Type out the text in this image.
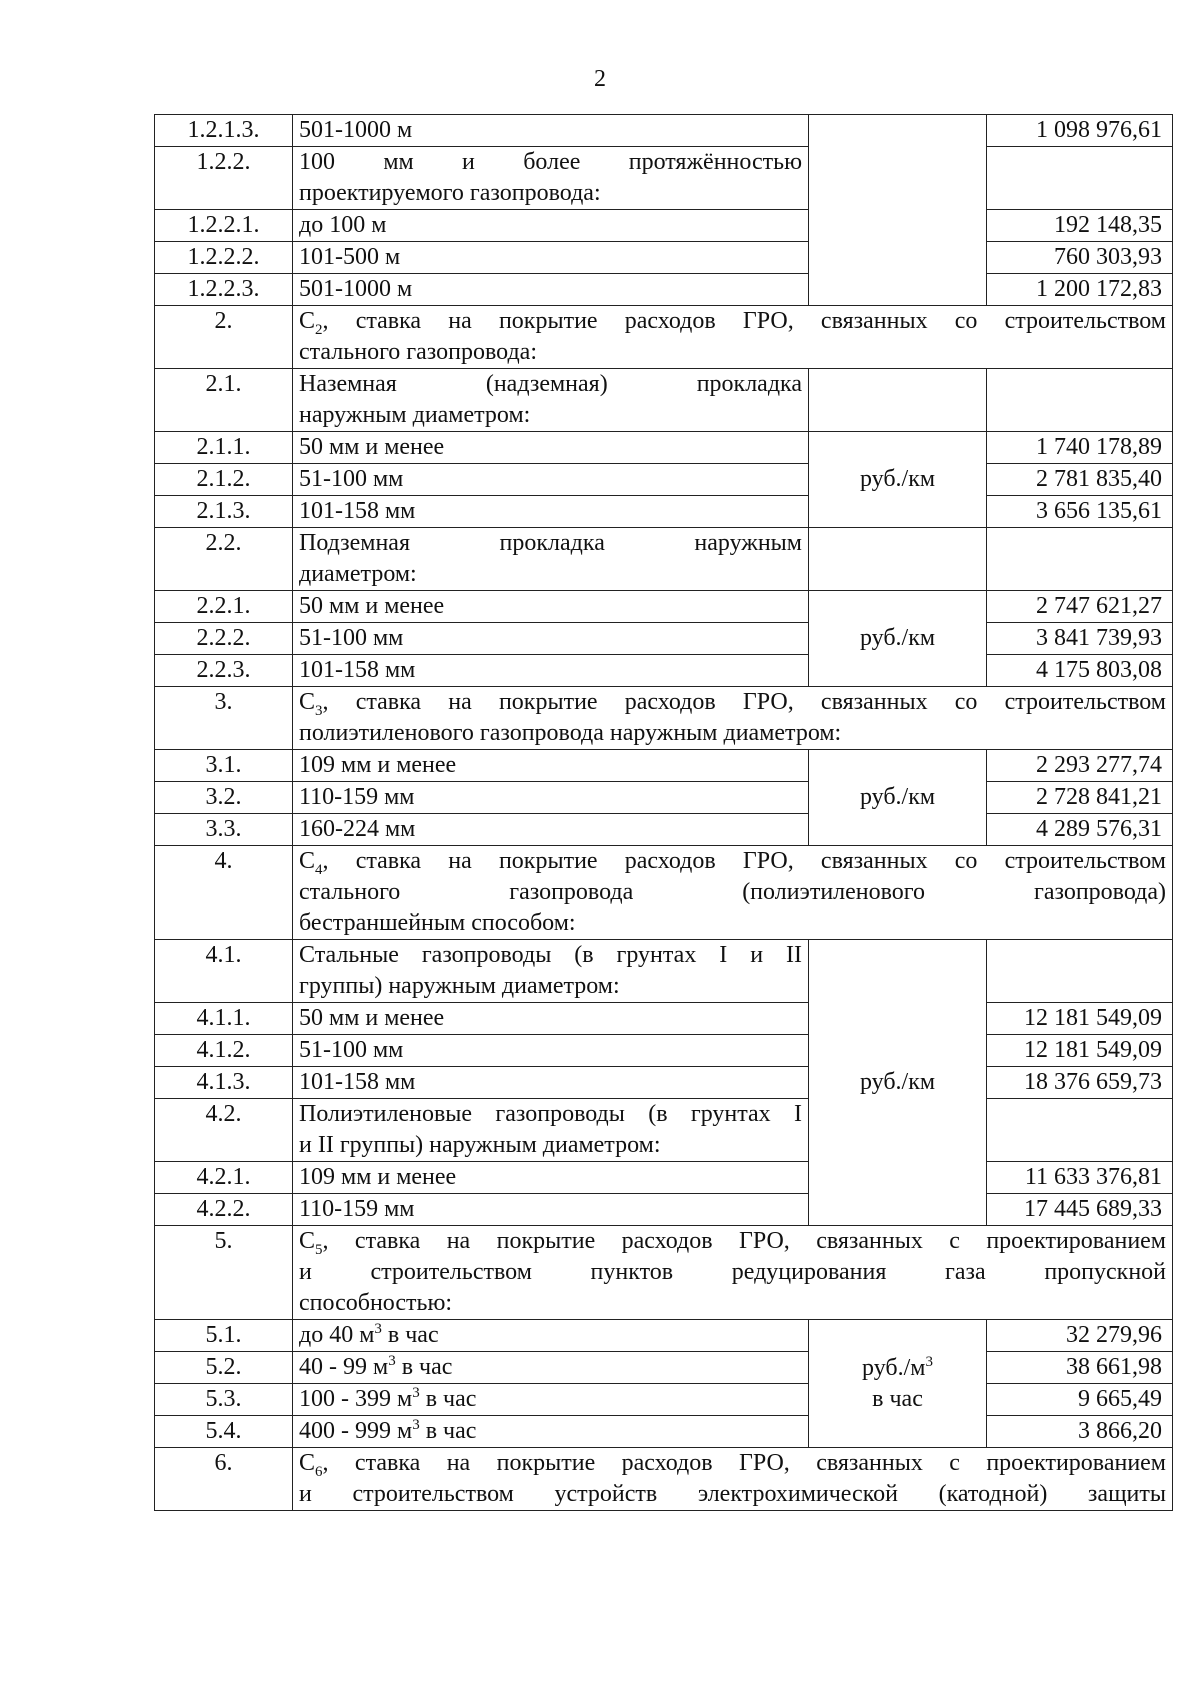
2
1.2.1.3.	501-1000 м		1 098 976,61
1.2.2.	100 мм и более протяжённостью
проектируемого газопровода:		

1.2.2.1.	до 100 м		192 148,35
1.2.2.2.	101-500 м		760 303,93
1.2.2.3.	501-1000 м		1 200 172,83
2.	$С_2$, ставка на покрытие расходов ГРО, связанных со строительством
стального газопровода:		

2.1.	Наземная (надземная) прокладка
наружным диаметром:		

2.1.1.	50 мм и менее	руб./км	1 740 178,89
2.1.2.	51-100 мм		2 781 835,40
2.1.3.	101-158 мм		3 656 135,61
2.2.	Подземная прокладка наружным
диаметром:		

2.2.1.	50 мм и менее	руб./км	2 747 621,27
2.2.2.	51-100 мм		3 841 739,93
2.2.3.	101-158 мм		4 175 803,08
3.	$С_3$, ставка на покрытие расходов ГРО, связанных со строительством
полиэтиленового газопровода наружным диаметром:		

3.1.	109 мм и менее	руб./км	2 293 277,74
3.2.	110-159 мм		2 728 841,21
3.3.	160-224 мм		4 289 576,31
4.	$С_4$, ставка на покрытие расходов ГРО, связанных со строительством
стального газопровода (полиэтиленового газопровода)
бестраншейным способом:		

4.1.	Стальные газопроводы (в грунтах I и II
группы) наружным диаметром:	руб./км	
4.1.1.	50 мм и менее		12 181 549,09
4.1.2.	51-100 мм		12 181 549,09
4.1.3.	101-158 мм		18 376 659,73
4.2.	Полиэтиленовые газопроводы (в грунтах I
и II группы) наружным диаметром:		

4.2.1.	109 мм и менее		11 633 376,81
4.2.2.	110-159 мм		17 445 689,33
5.	$С_5$, ставка на покрытие расходов ГРО, связанных с проектированием
и строительством пунктов редуцирования газа пропускной
способностью:		

5.1.	до 40 $м^3$ в час	$руб./м^3$
в час	32 279,96
5.2.	40 - 99 $м^3$ в час		38 661,98
5.3.	100 - 399 $м^3$ в час		9 665,49
5.4.	400 - 999 $м^3$ в час		3 866,20
6.	$С_6$, ставка на покрытие расходов ГРО, связанных с проектированием
и строительством устройств электрохимической (катодной) защиты		
